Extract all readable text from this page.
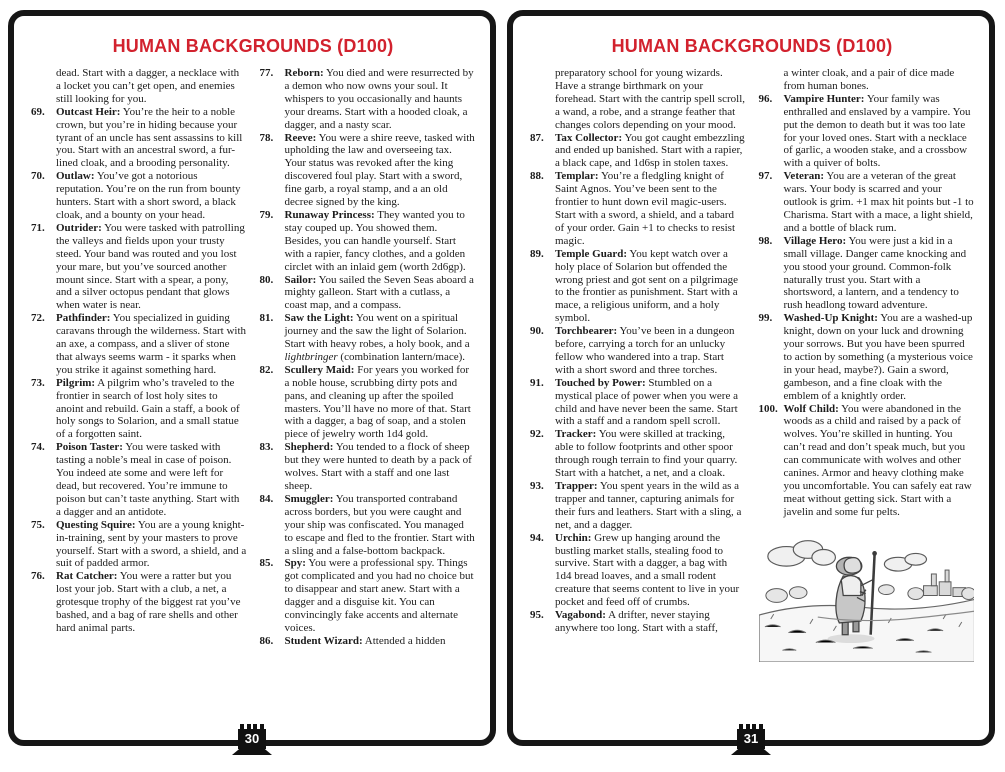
HUMAN BACKGROUNDS (D100)
dead. Start with a dagger, a necklace with a locket you can’t get open, and enemies still looking for you.
69.	Outcast Heir: You’re the heir to a noble crown, but you’re in hiding because your tyrant of an uncle has sent assassins to kill you. Start with an ancestral sword, a fur-lined cloak, and a brooding personality.
70.	Outlaw: You’ve got a notorious reputation. You’re on the run from bounty hunters. Start with a short sword, a black cloak, and a bounty on your head.
71.	Outrider: You were tasked with patrolling the valleys and fields upon your trusty steed. Your band was routed and you lost your mare, but you’ve sourced another mount since. Start with a spear, a pony, and a silver octopus pendant that glows when water is near.
72.	Pathfinder: You specialized in guiding caravans through the wilderness. Start with an axe, a compass, and a sliver of stone that always seems warm - it sparks when you strike it against something hard.
73.	Pilgrim: A pilgrim who’s traveled to the frontier in search of lost holy sites to anoint and rebuild. Gain a staff, a book of holy songs to Solarion, and a small statue of a forgotten saint.
74.	Poison Taster: You were tasked with tasting a noble’s meal in case of poison. You indeed ate some and were left for dead, but recovered. You’re immune to poison but can’t taste anything. Start with a dagger and an antidote.
75.	Questing Squire: You are a young knight-in-training, sent by your masters to prove yourself. Start with a sword, a shield, and a suit of padded armor.
76.	Rat Catcher: You were a ratter but you lost your job. Start with a club, a net, a grotesque trophy of the biggest rat you’ve bashed, and a bag of rare shells and other hard animal parts.
77.	Reborn: You died and were resurrected by a demon who now owns your soul. It whispers to you occasionally and haunts your dreams. Start with a hooded cloak, a dagger, and a nasty scar.
78.	Reeve: You were a shire reeve, tasked with upholding the law and overseeing tax. Your status was revoked after the king discovered foul play. Start with a sword, fine garb, a royal stamp, and a an old decree signed by the king.
79.	Runaway Princess: They wanted you to stay couped up. You showed them. Besides, you can handle yourself. Start with a rapier, fancy clothes, and a golden circlet with an inlaid gem (worth 2d6gp).
80.	Sailor: You sailed the Seven Seas aboard a mighty galleon. Start with a cutlass, a coast map, and a compass.
81.	Saw the Light: You went on a spiritual journey and the saw the light of Solarion. Start with heavy robes, a holy book, and a lightbringer (combination lantern/mace).
82.	Scullery Maid: For years you worked for a noble house, scrubbing dirty pots and pans, and cleaning up after the spoiled masters. You’ll have no more of that. Start with a dagger, a bag of soap, and a stolen piece of jewelry worth 1d4 gold.
83.	Shepherd: You tended to a flock of sheep but they were hunted to death by a pack of wolves. Start with a staff and one last sheep.
84.	Smuggler: You transported contraband across borders, but you were caught and your ship was confiscated. You managed to escape and fled to the frontier. Start with a sling and a false-bottom backpack.
85.	Spy: You were a professional spy. Things got complicated and you had no choice but to disappear and start anew. Start with a dagger and a disguise kit. You can convincingly fake accents and alternate voices.
86.	Student Wizard: Attended a hidden
30
HUMAN BACKGROUNDS (D100)
preparatory school for young wizards. Have a strange birthmark on your forehead. Start with the cantrip spell scroll, a wand, a robe, and a strange feather that changes colors depending on your mood.
87.	Tax Collector: You got caught embezzling and ended up banished. Start with a rapier, a black cape, and 1d6sp in stolen taxes.
88.	Templar: You’re a fledgling knight of Saint Agnos. You’ve been sent to the frontier to hunt down evil magic-users. Start with a sword, a shield, and a tabard of your order. Gain +1 to checks to resist magic.
89.	Temple Guard: You kept watch over a holy place of Solarion but offended the wrong priest and got sent on a pilgrimage to the frontier as punishment. Start with a mace, a religious uniform, and a holy symbol.
90.	Torchbearer: You’ve been in a dungeon before, carrying a torch for an unlucky fellow who wandered into a trap. Start with a short sword and three torches.
91.	Touched by Power: Stumbled on a mystical place of power when you were a child and have never been the same. Start with a staff and a random spell scroll.
92.	Tracker: You were skilled at tracking, able to follow footprints and other spoor through rough terrain to find your quarry. Start with a hatchet, a net, and a cloak.
93.	Trapper: You spent years in the wild as a trapper and tanner, capturing animals for their furs and leathers. Start with a sling, a net, and a dagger.
94.	Urchin: Grew up hanging around the bustling market stalls, stealing food to survive. Start with a dagger, a bag with 1d4 bread loaves, and a small rodent creature that seems content to live in your pocket and feed off of crumbs.
95.	Vagabond: A drifter, never staying anywhere too long. Start with a staff,
a winter cloak, and a pair of dice made from human bones.
96.	Vampire Hunter: Your family was enthralled and enslaved by a vampire. You put the demon to death but it was too late for your loved ones. Start with a necklace of garlic, a wooden stake, and a crossbow with a quiver of bolts.
97.	Veteran: You are a veteran of the great wars. Your body is scarred and your outlook is grim. +1 max hit points but -1 to Charisma. Start with a mace, a light shield, and a bottle of black rum.
98.	Village Hero: You were just a kid in a small village. Danger came knocking and you stood your ground. Common-folk naturally trust you. Start with a shortsword, a lantern, and a tendency to rush headlong toward adventure.
99.	Washed-Up Knight: You are a washed-up knight, down on your luck and drowning your sorrows. But you have been spurred to action by something (a mysterious voice in your head, maybe?). Gain a sword, gambeson, and a fine cloak with the emblem of a knightly order.
100. Wolf Child: You were abandoned in the woods as a child and raised by a pack of wolves. You’re skilled in hunting. You can’t read and don’t speak much, but you can communicate with wolves and other canines. Armor and heavy clothing make you uncomfortable. You can safely eat raw meat without getting sick. Start with a javelin and some fur pelts.
31
